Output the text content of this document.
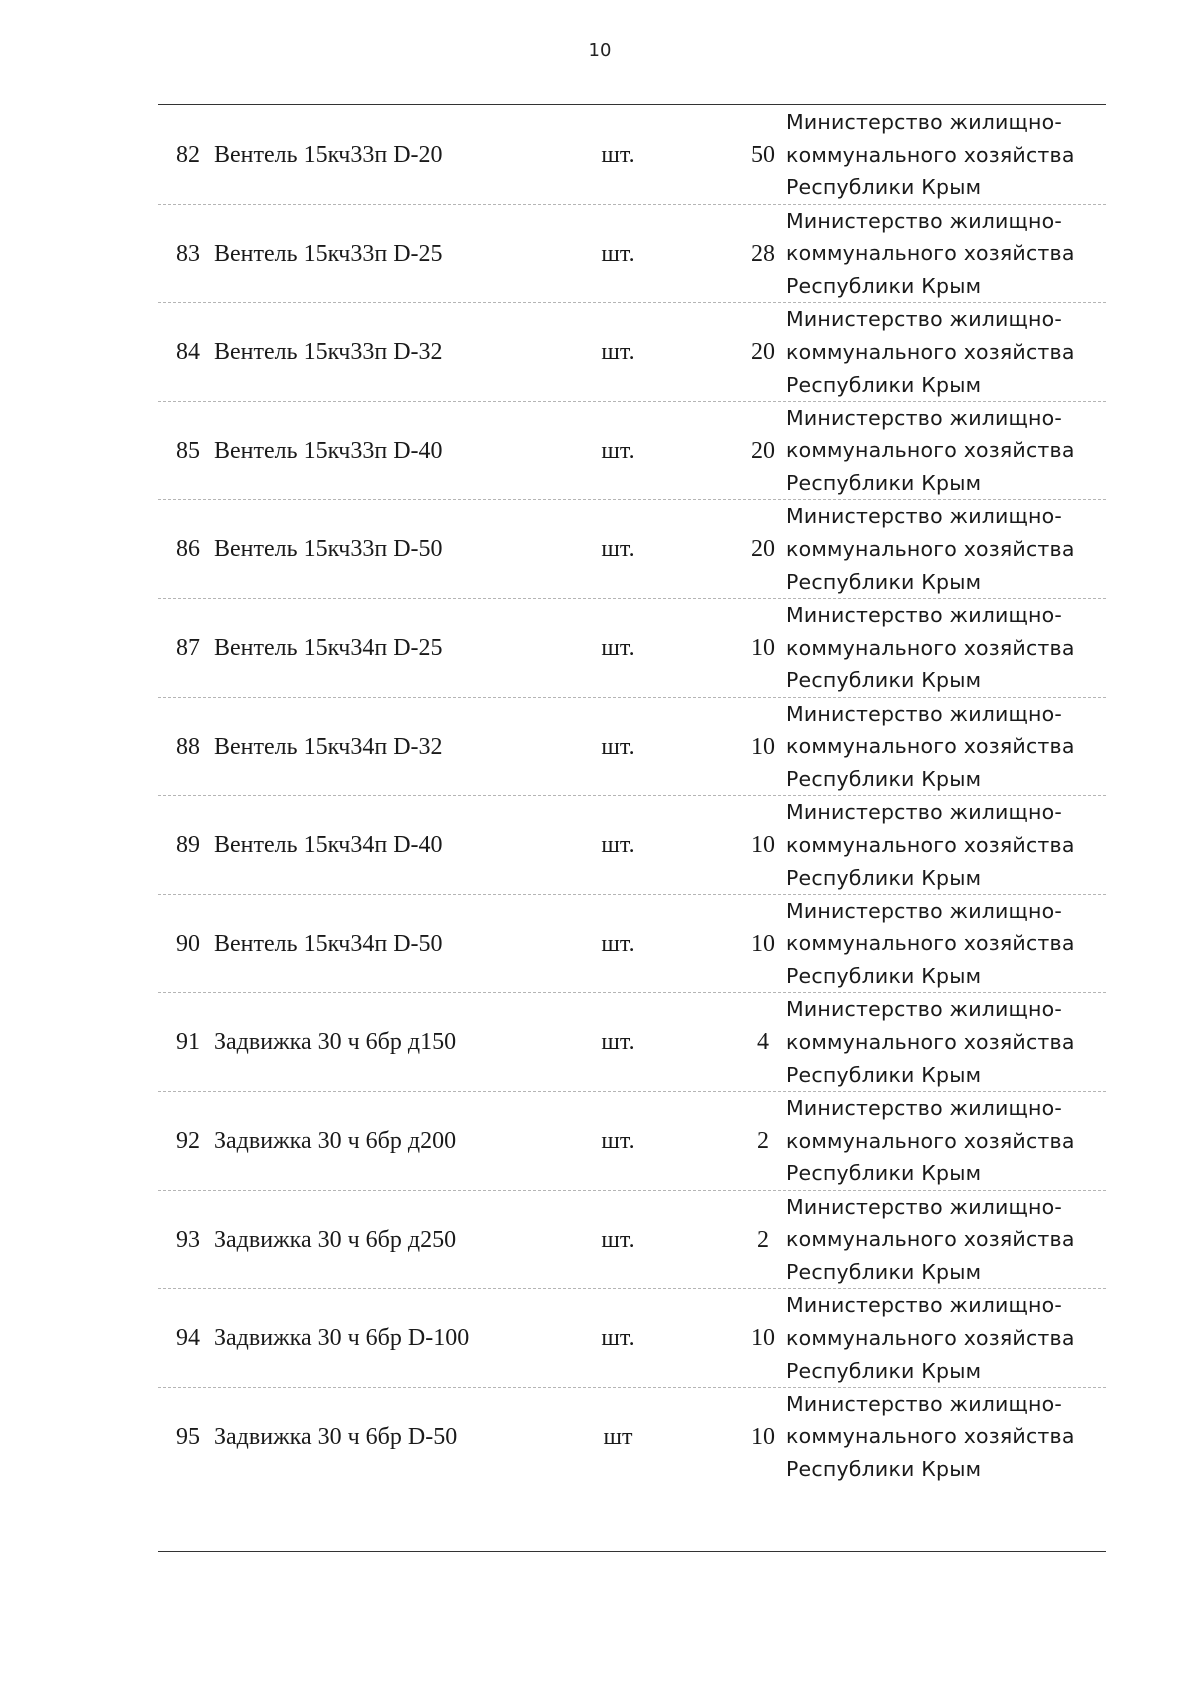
10
82 Вентель 15кч33п D-20	шт.	50
Министерство жилищно-
коммунального хозяйства
Республики Крым
83 Вентель 15кч33п D-25	шт.	28
Министерство жилищно-
коммунального хозяйства
Республики Крым
84 Вентель 15кч33п D-32	шт.	20
Министерство жилищно-
коммунального хозяйства
Республики Крым
85 Вентель 15кч33п D-40	шт.	20
Министерство жилищно-
коммунального хозяйства
Республики Крым
86 Вентель 15кч33п D-50	шт.	20
Министерство жилищно-
коммунального хозяйства
Республики Крым
87 Вентель 15кч34п D-25	шт.	10
Министерство жилищно-
коммунального хозяйства
Республики Крым
88 Вентель 15кч34п D-32	шт.	10
Министерство жилищно-
коммунального хозяйства
Республики Крым
89 Вентель 15кч34п D-40	шт.	10
Министерство жилищно-
коммунального хозяйства
Республики Крым
90 Вентель 15кч34п D-50	шт.	10
Министерство жилищно-
коммунального хозяйства
Республики Крым
91 Задвижка 30 ч 6бр д150	шт.	4
Министерство жилищно-
коммунального хозяйства
Республики Крым
92 Задвижка 30 ч 6бр д200	шт.	2
Министерство жилищно-
коммунального хозяйства
Республики Крым
93 Задвижка 30 ч 6бр д250	шт.	2
Министерство жилищно-
коммунального хозяйства
Республики Крым
94 Задвижка 30 ч 6бр D-100	шт.	10
Министерство жилищно-
коммунального хозяйства
Республики Крым
95 Задвижка 30 ч 6бр D-50	шт	10
Министерство жилищно-
коммунального хозяйства
Республики Крым
